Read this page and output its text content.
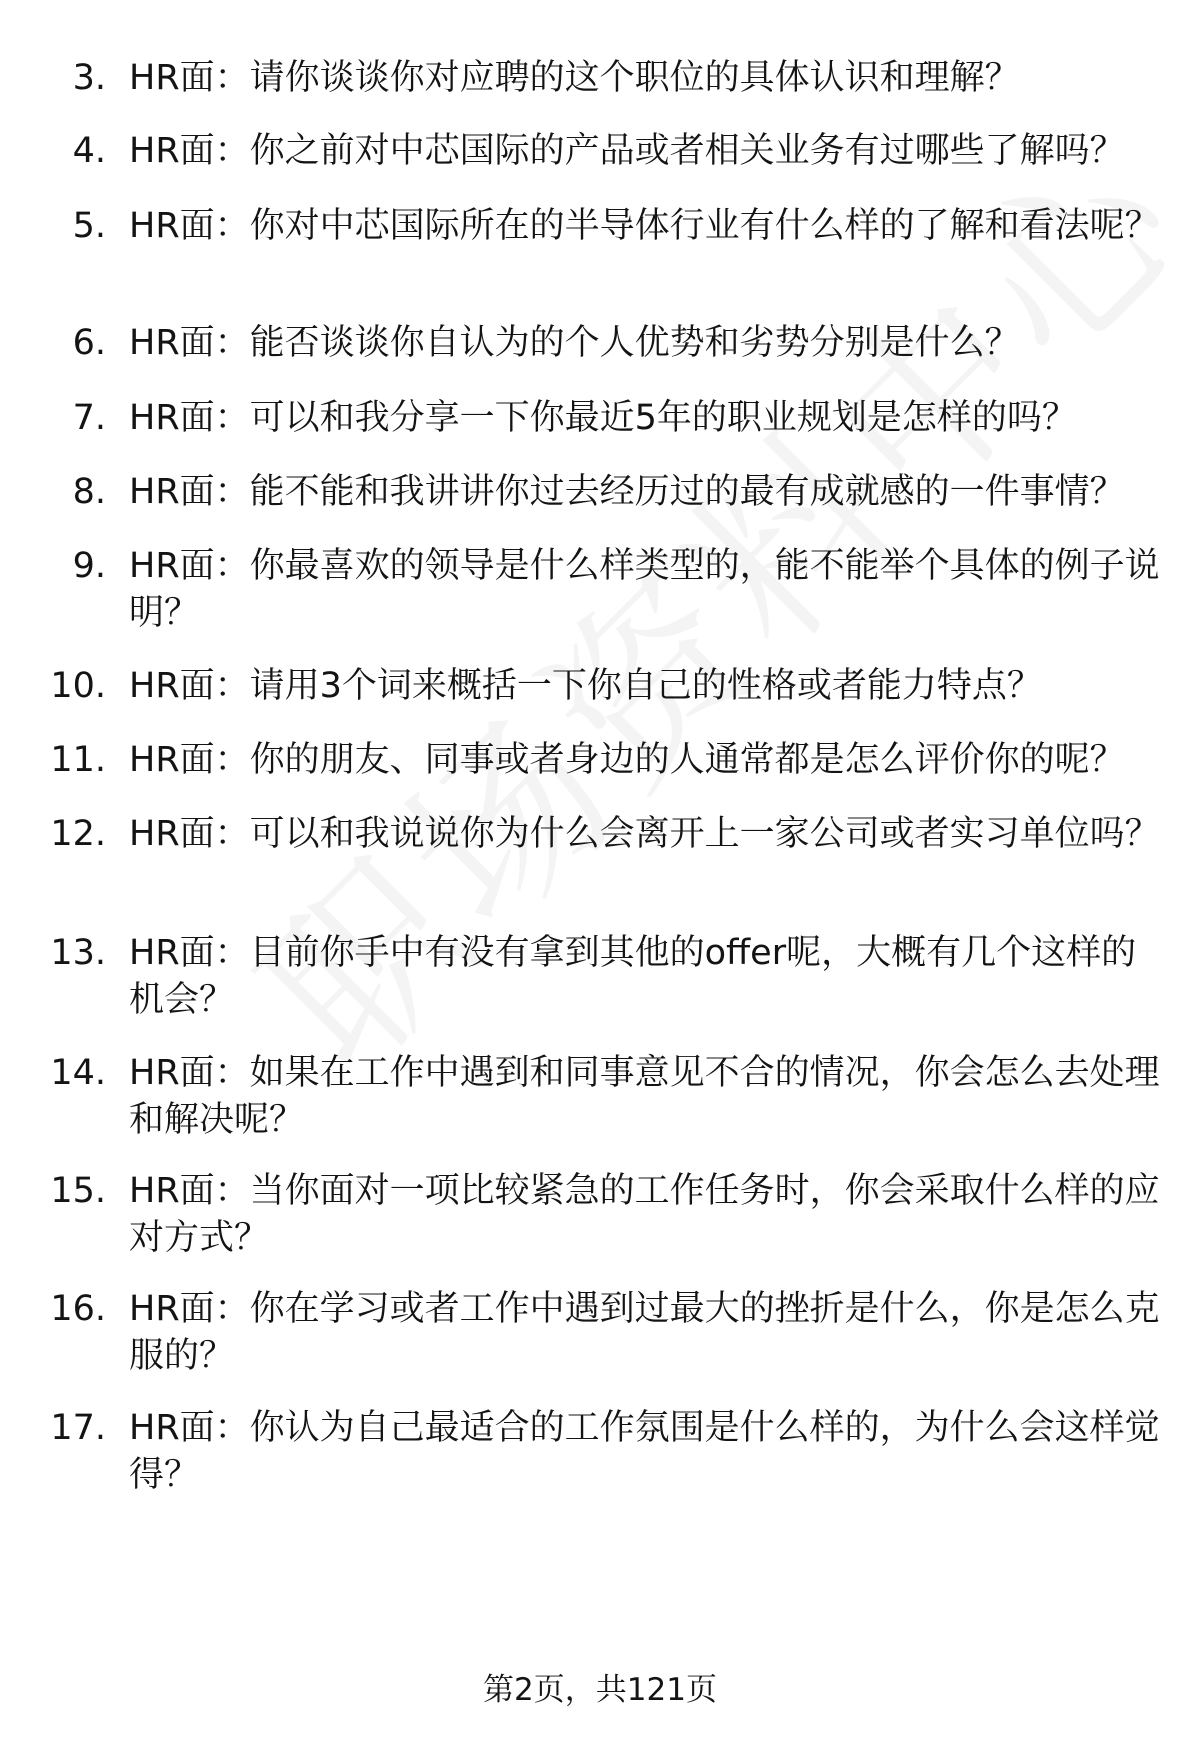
3. HR面：请你谈谈你对应聘的这个职位的具体认识和理解？
4. HR面：你之前对中芯国际的产品或者相关业务有过哪些了解吗？
5. HR面：你对中芯国际所在的半导体行业有什么样的了解和看法呢？
6. HR面：能否谈谈你自认为的个人优势和劣势分别是什么？
7. HR面：可以和我分享一下你最近5年的职业规划是怎样的吗？
8. HR面：能不能和我讲讲你过去经历过的最有成就感的一件事情？
9. HR面：你最喜欢的领导是什么样类型的，能不能举个具体的例子说明？
10. HR面：请用3个词来概括一下你自己的性格或者能力特点？
11. HR面：你的朋友、同事或者身边的人通常都是怎么评价你的呢？
12. HR面：可以和我说说你为什么会离开上一家公司或者实习单位吗？
13. HR面：目前你手中有没有拿到其他的offer呢，大概有几个这样的机会？
14. HR面：如果在工作中遇到和同事意见不合的情况，你会怎么去处理和解决呢？
15. HR面：当你面对一项比较紧急的工作任务时，你会采取什么样的应对方式？
16. HR面：你在学习或者工作中遇到过最大的挫折是什么，你是怎么克服的？
17. HR面：你认为自己最适合的工作氛围是什么样的，为什么会这样觉得？
第2页，共121页
